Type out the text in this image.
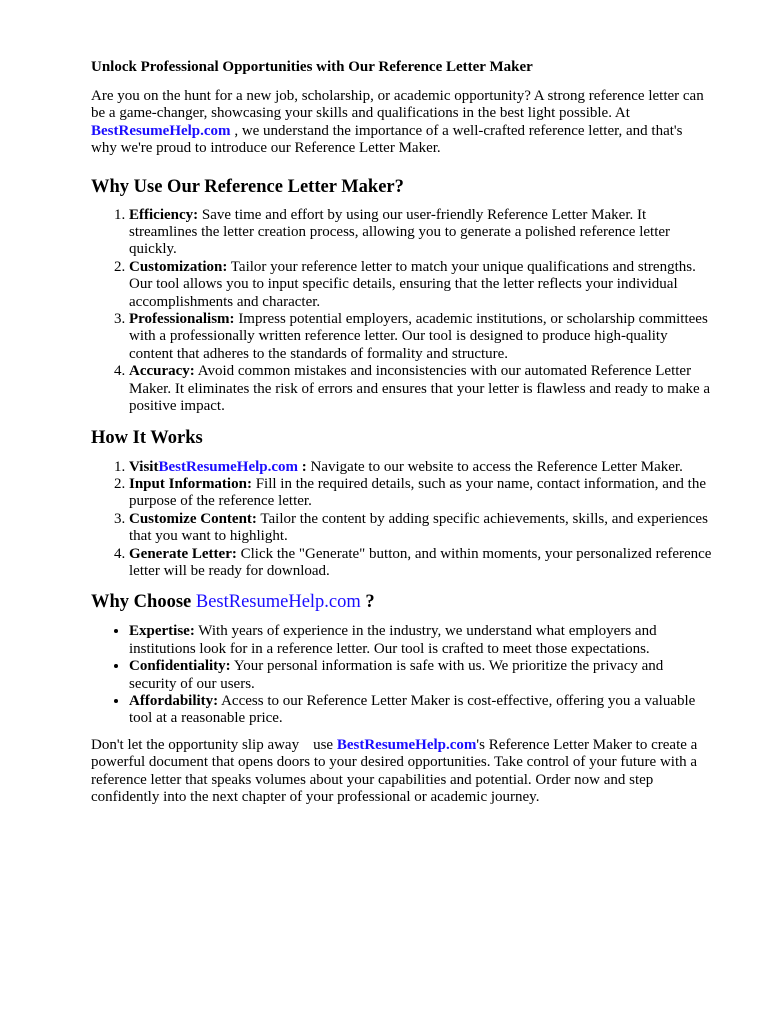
Unlock Professional Opportunities with Our Reference Letter Maker

Are you on the hunt for a new job, scholarship, or academic opportunity? A strong reference letter can be a game-changer, showcasing your skills and qualifications in the best light possible. At BestResumeHelp.com , we understand the importance of a well-crafted reference letter, and that's why we're proud to introduce our Reference Letter Maker.

Why Use Our Reference Letter Maker?
1. Efficiency: Save time and effort by using our user-friendly Reference Letter Maker. It streamlines the letter creation process, allowing you to generate a polished reference letter quickly.
2. Customization: Tailor your reference letter to match your unique qualifications and strengths. Our tool allows you to input specific details, ensuring that the letter reflects your individual accomplishments and character.
3. Professionalism: Impress potential employers, academic institutions, or scholarship committees with a professionally written reference letter. Our tool is designed to produce high-quality content that adheres to the standards of formality and structure.
4. Accuracy: Avoid common mistakes and inconsistencies with our automated Reference Letter Maker. It eliminates the risk of errors and ensures that your letter is flawless and ready to make a positive impact.
How It Works
1. VisitBestResumeHelp.com : Navigate to our website to access the Reference Letter Maker.
2. Input Information: Fill in the required details, such as your name, contact information, and the purpose of the reference letter.
3. Customize Content: Tailor the content by adding specific achievements, skills, and experiences that you want to highlight.
4. Generate Letter: Click the "Generate" button, and within moments, your personalized reference letter will be ready for download.
Why Choose BestResumeHelp.com ?
• Expertise: With years of experience in the industry, we understand what employers and institutions look for in a reference letter. Our tool is crafted to meet those expectations.
• Confidentiality: Your personal information is safe with us. We prioritize the privacy and security of our users.
• Affordability: Access to our Reference Letter Maker is cost-effective, offering you a valuable tool at a reasonable price.

Don't let the opportunity slip away use BestResumeHelp.com's Reference Letter Maker to create a powerful document that opens doors to your desired opportunities. Take control of your future with a reference letter that speaks volumes about your capabilities and potential. Order now and step confidently into the next chapter of your professional or academic journey.
